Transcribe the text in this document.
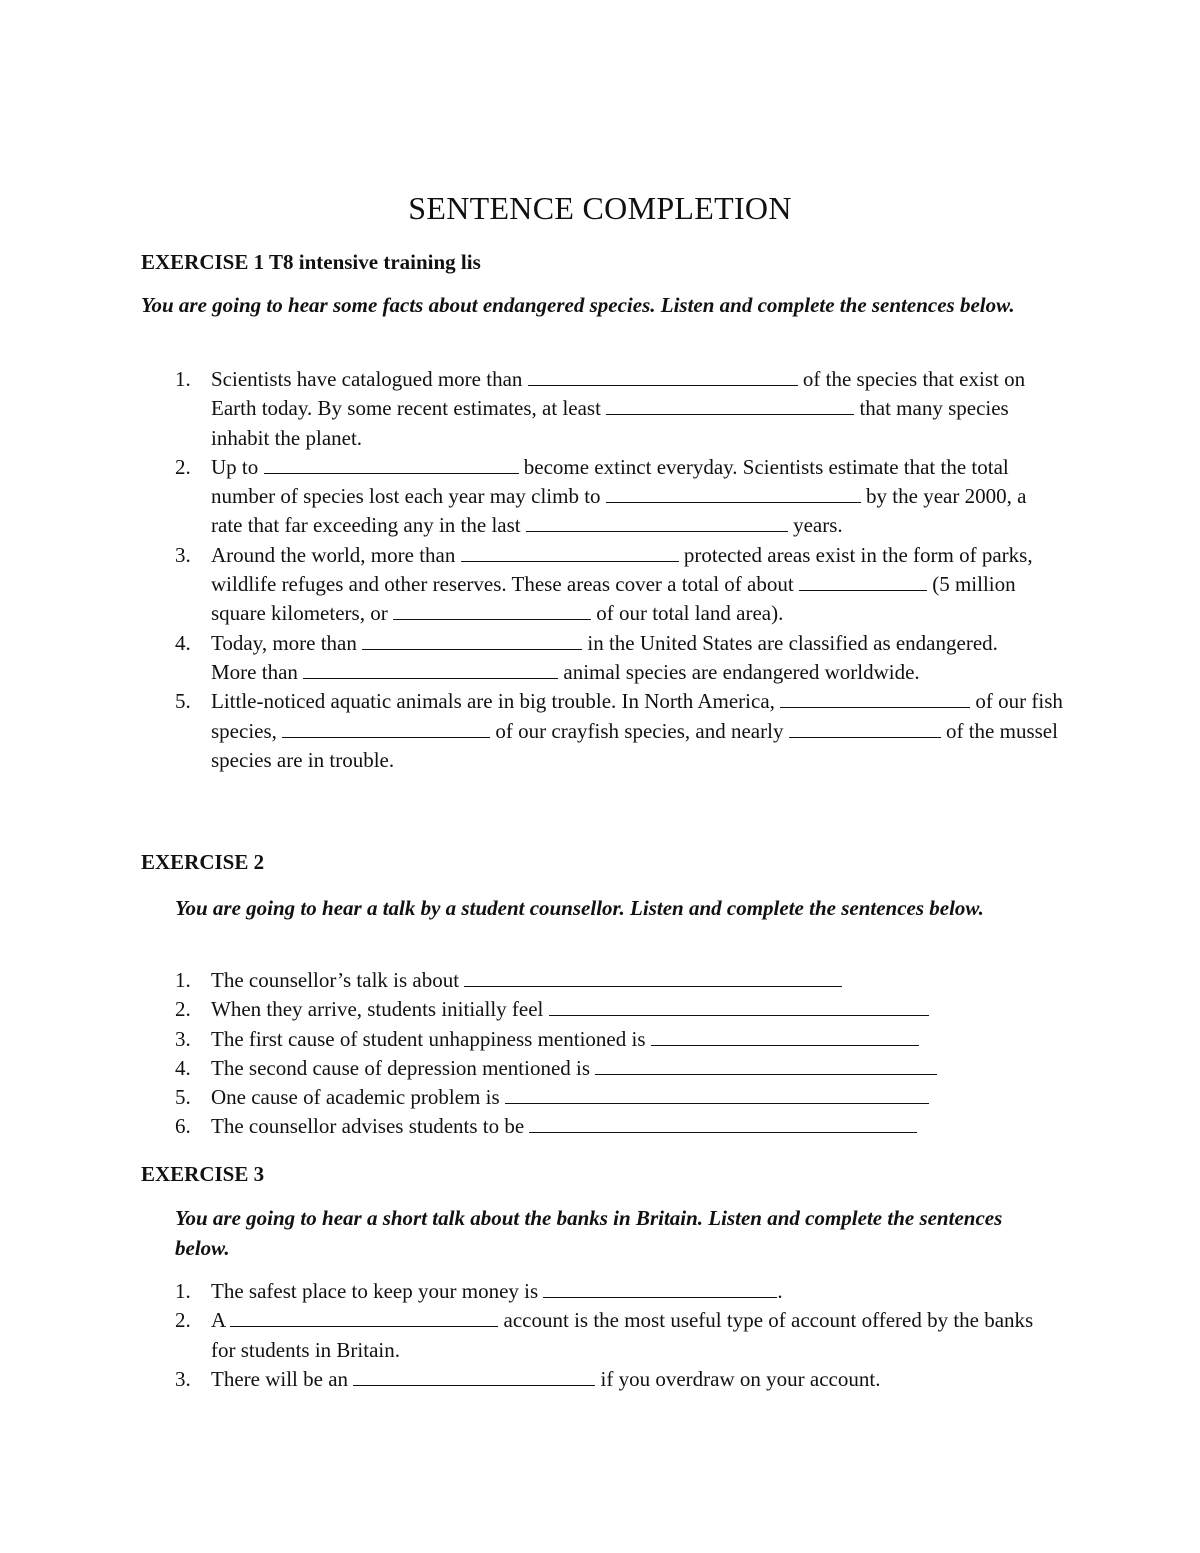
SENTENCE COMPLETION
EXERCISE 1 T8 intensive training lis
You are going to hear some facts about endangered species. Listen and complete the sentences below.
1. Scientists have catalogued more than	of the species that exist on Earth today. By some recent estimates, at least	that many species inhabit the planet.
2. Up to	become extinct everyday. Scientists estimate that the total number of species lost each year may climb to	by the year 2000, a rate that far exceeding any in the last	years.
3. Around the world, more than	protected areas exist in the form of parks, wildlife refuges and other reserves. These areas cover a total of about	(5 million square kilometers, or	of our total land area).
4. Today, more than	in the United States are classified as endangered. More than	animal species are endangered worldwide.
5. Little-noticed aquatic animals are in big trouble. In North America,	of our fish species,	of our crayfish species, and nearly	of the mussel species are in trouble.
EXERCISE 2
You are going to hear a talk by a student counsellor. Listen and complete the sentences below.
1. The counsellor’s talk is about
2. When they arrive, students initially feel
3. The first cause of student unhappiness mentioned is
4. The second cause of depression mentioned is
5. One cause of academic problem is
6. The counsellor advises students to be
EXERCISE 3
You are going to hear a short talk about the banks in Britain. Listen and complete the sentences below.
1. The safest place to keep your money is	.
2. A	account is the most useful type of account offered by the banks for students in Britain.
3. There will be an	if you overdraw on your account.
